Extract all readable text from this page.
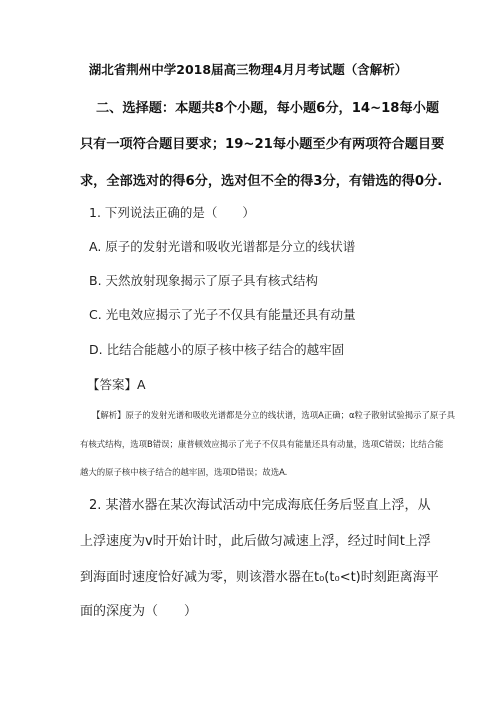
湖北省荆州中学2018届高三物理4月月考试题（含解析）
二、选择题：本题共8个小题，每小题6分，14~18每小题
只有一项符合题目要求；19~21每小题至少有两项符合题目要
求，全部选对的得6分，选对但不全的得3分，有错选的得0分.
1. 下列说法正确的是（　　）
A. 原子的发射光谱和吸收光谱都是分立的线状谱
B. 天然放射现象揭示了原子具有核式结构
C. 光电效应揭示了光子不仅具有能量还具有动量
D. 比结合能越小的原子核中核子结合的越牢固
【答案】A
【解析】原子的发射光谱和吸收光谱都是分立的线状谱，选项A正确；α粒子散射试验揭示了原子具
有核式结构，选项B错误；康普顿效应揭示了光子不仅具有能量还具有动量，选项C错误；比结合能
越大的原子核中核子结合的越牢固，选项D错误；故选A.
2. 某潜水器在某次海试活动中完成海底任务后竖直上浮，从
上浮速度为v时开始计时，此后做匀减速上浮，经过时间t上浮
到海面时速度恰好减为零，则该潜水器在t₀(t₀<t)时刻距离海平
面的深度为（　　）
